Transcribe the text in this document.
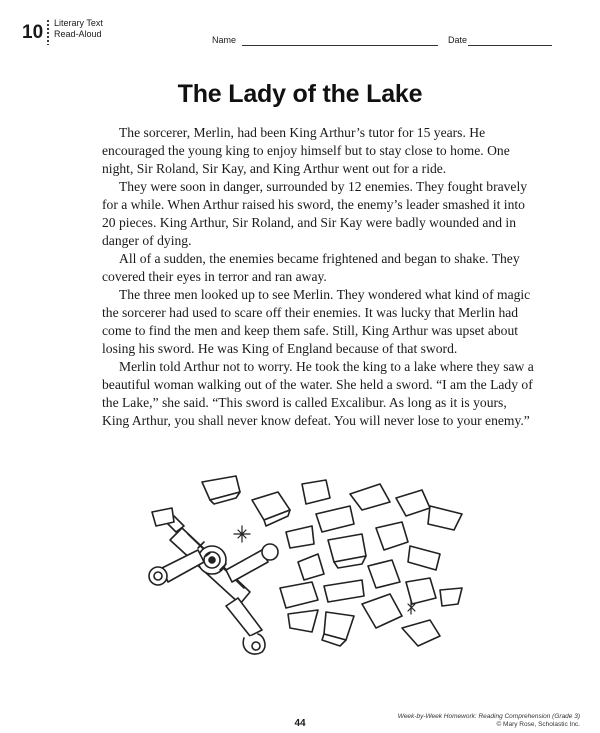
10 Literary Text
Read-Aloud
Name	Date
The Lady of the Lake

The sorcerer, Merlin, had been King Arthur’s tutor for 15 years. He encouraged the young king to enjoy himself but to stay close to home. One night, Sir Roland, Sir Kay, and King Arthur went out for a ride.

They were soon in danger, surrounded by 12 enemies. They fought bravely for a while. When Arthur raised his sword, the enemy’s leader smashed it into 20 pieces. King Arthur, Sir Roland, and Sir Kay were badly wounded and in danger of dying.

All of a sudden, the enemies became frightened and began to shake. They covered their eyes in terror and ran away.

The three men looked up to see Merlin. They wondered what kind of magic the sorcerer had used to scare off their enemies. It was lucky that Merlin had come to find the men and keep them safe. Still, King Arthur was upset about losing his sword. He was King of England because of that sword.

Merlin told Arthur not to worry. He took the king to a lake where they saw a beautiful woman walking out of the water. She held a sword. “I am the Lady of the Lake,” she said. “This sword is called Excalibur. As long as it is yours, King Arthur, you shall never know defeat. You will never lose to your enemy.”

44
Week-by-Week Homework: Reading Comprehension (Grade 3)
© Mary Rose, Scholastic Inc.
